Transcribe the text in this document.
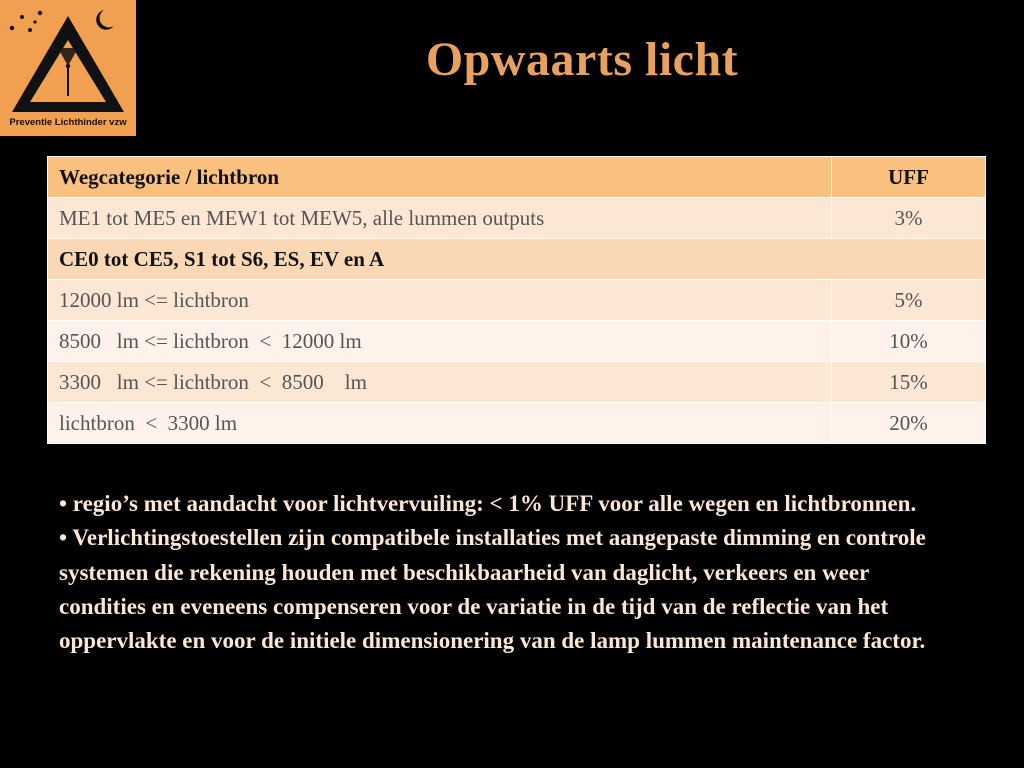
Preventie Lichthinder vzw
Opwaarts licht
Wegcategorie / lichtbron	UFF
ME1 tot ME5 en MEW1 tot MEW5, alle lummen outputs	3%
CE0 tot CE5, S1 tot S6, ES, EV en A	
12000 lm <= lichtbron	5%
8500   lm <= lichtbron  <  12000 lm	10%
3300   lm <= lichtbron  <  8500    lm	15%
lichtbron  <  3300 lm	20%

• regio’s met aandacht voor lichtvervuiling: < 1% UFF voor alle wegen en lichtbronnen.

• Verlichtingstoestellen zijn compatibele installaties met aangepaste dimming en controle systemen die rekening houden met beschikbaarheid van daglicht, verkeers en weer condities en eveneens compenseren voor de variatie in de tijd van de reflectie van het oppervlakte en voor de initiele dimensionering van de lamp lummen maintenance factor.
